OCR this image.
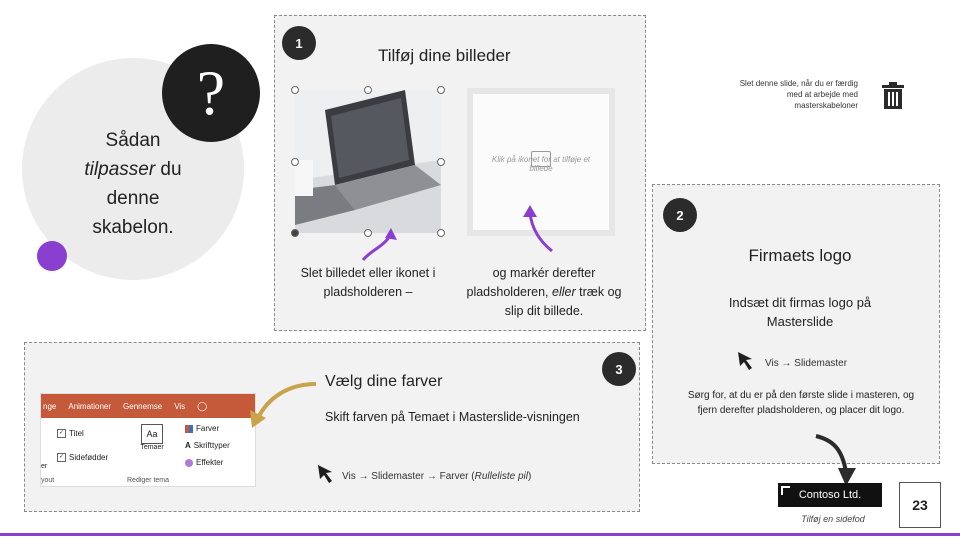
?
Sådan
tilpasser du
denne
skabelon.
1
Tilføj dine billeder
Klik på ikonet for at tilføje et billede
Slet billedet eller ikonet i pladsholderen –
og markér derefter pladsholderen, eller træk og slip dit billede.
Slet denne slide, når du er færdig med at arbejde med masterskabeloner
2
Firmaets logo
Indsæt dit firmas logo på Masterslide
Vis → Slidemaster
Sørg for, at du er på den første slide i masteren, og fjern derefter pladsholderen, og placer dit logo.
3
Vælg dine farver
Skift farven på Temaet i Masterslide-visningen
Vis → Slidemaster → Farver (Rulleliste pil)
nge Animationer Gennemse Vis ◯
✓ Titel
✓ Sidefødder
er
yout
Aa
Temaer
Rediger tema
Farver
A Skrifttyper
Effekter
Contoso Ltd.
Tilføj en sidefod
23
